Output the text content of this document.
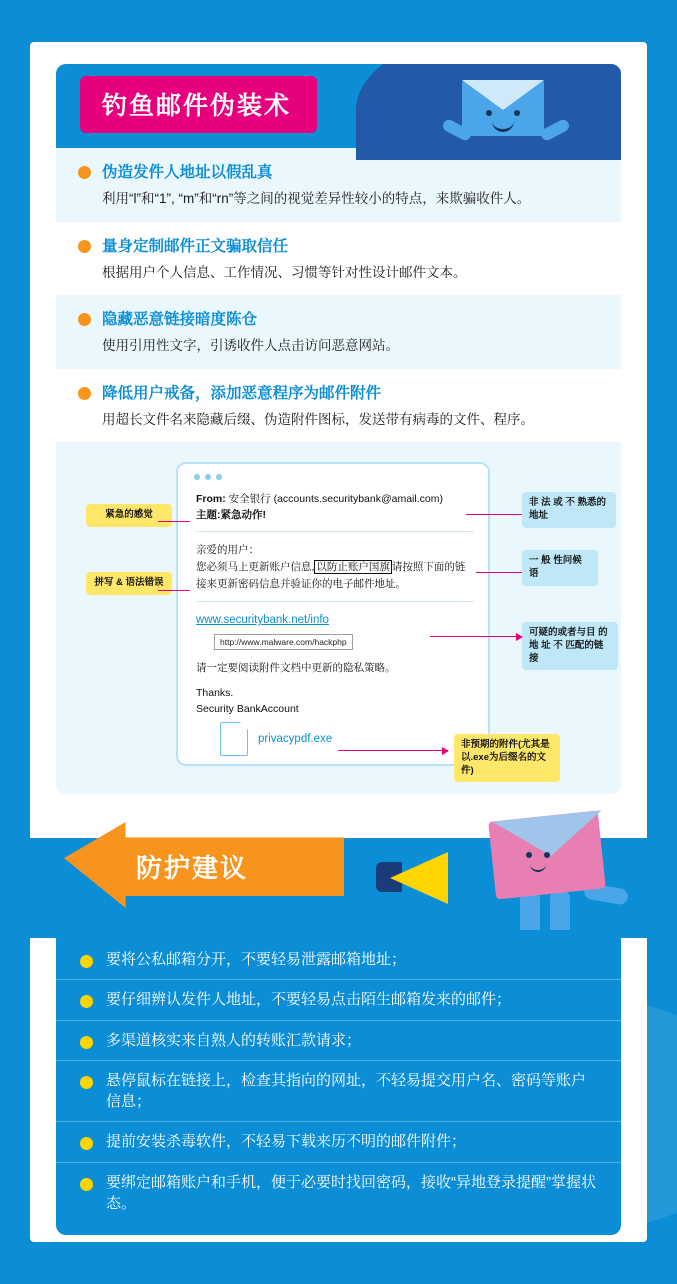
钓鱼邮件伪装术
伪造发件人地址以假乱真

利用“l”和“1”, “m”和“rn”等之间的视觉差异性较小的特点，来欺骗收件人。

量身定制邮件正文骗取信任

根据用户个人信息、工作情况、习惯等针对性设计邮件文本。

隐藏恶意链接暗度陈仓

使用引用性文字，引诱收件人点击访问恶意网站。

降低用户戒备，添加恶意程序为邮件附件

用超长文件名来隐藏后缀、伪造附件图标，发送带有病毒的文件、程序。

From: 安全银行 (accounts.securitybank@amail.com)
主题:紧急动作!
亲爱的用户：
您必须马上更新账户信息, 以防止账户国旗 请按照下面的链接来更新密码信息并验证你的电子邮件地址。
www.securitybank.net/info
http://www.malware.com/hackphp
请一定要阅读附件文档中更新的隐私策略。
Thanks.
Security BankAccount
privacypdf.exe
紧急的感觉
拼写 & 语法错误
非 法 或 不 熟悉的地址
一 般 性问候语
可疑的或者与目 的 地 址 不 匹配的链接
非预期的附件(尤其是以.exe为后缀名的文件)
防护建议
要将公私邮箱分开，不要轻易泄露邮箱地址；
要仔细辨认发件人地址，不要轻易点击陌生邮箱发来的邮件；
多渠道核实来自熟人的转账汇款请求；
悬停鼠标在链接上，检查其指向的网址，不轻易提交用户名、密码等账户信息；
提前安装杀毒软件，不轻易下载来历不明的邮件附件；
要绑定邮箱账户和手机，便于必要时找回密码，接收“异地登录提醒”掌握状态。
